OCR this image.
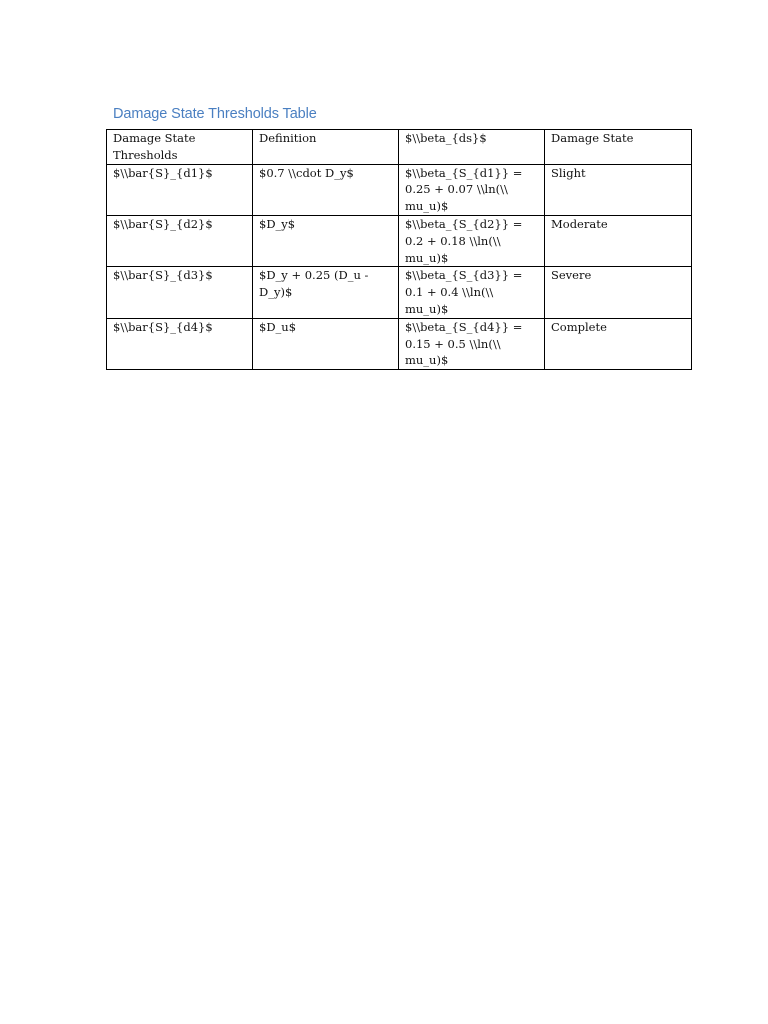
Damage State Thresholds Table
Damage State Thresholds	Definition	$\\beta_{ds}$	Damage State
$\\bar{S}_{d1}$	$0.7 \\cdot D_y$	$\\beta_{S_{d1}} = 0.25 + 0.07 \\ln(\\ mu_u)$	Slight
$\\bar{S}_{d2}$	$D_y$	$\\beta_{S_{d2}} = 0.2 + 0.18 \\ln(\\ mu_u)$	Moderate
$\\bar{S}_{d3}$	$D_y + 0.25 (D_u - D_y)$	$\\beta_{S_{d3}} = 0.1 + 0.4 \\ln(\\ mu_u)$	Severe
$\\bar{S}_{d4}$	$D_u$	$\\beta_{S_{d4}} = 0.15 + 0.5 \\ln(\\ mu_u)$	Complete
